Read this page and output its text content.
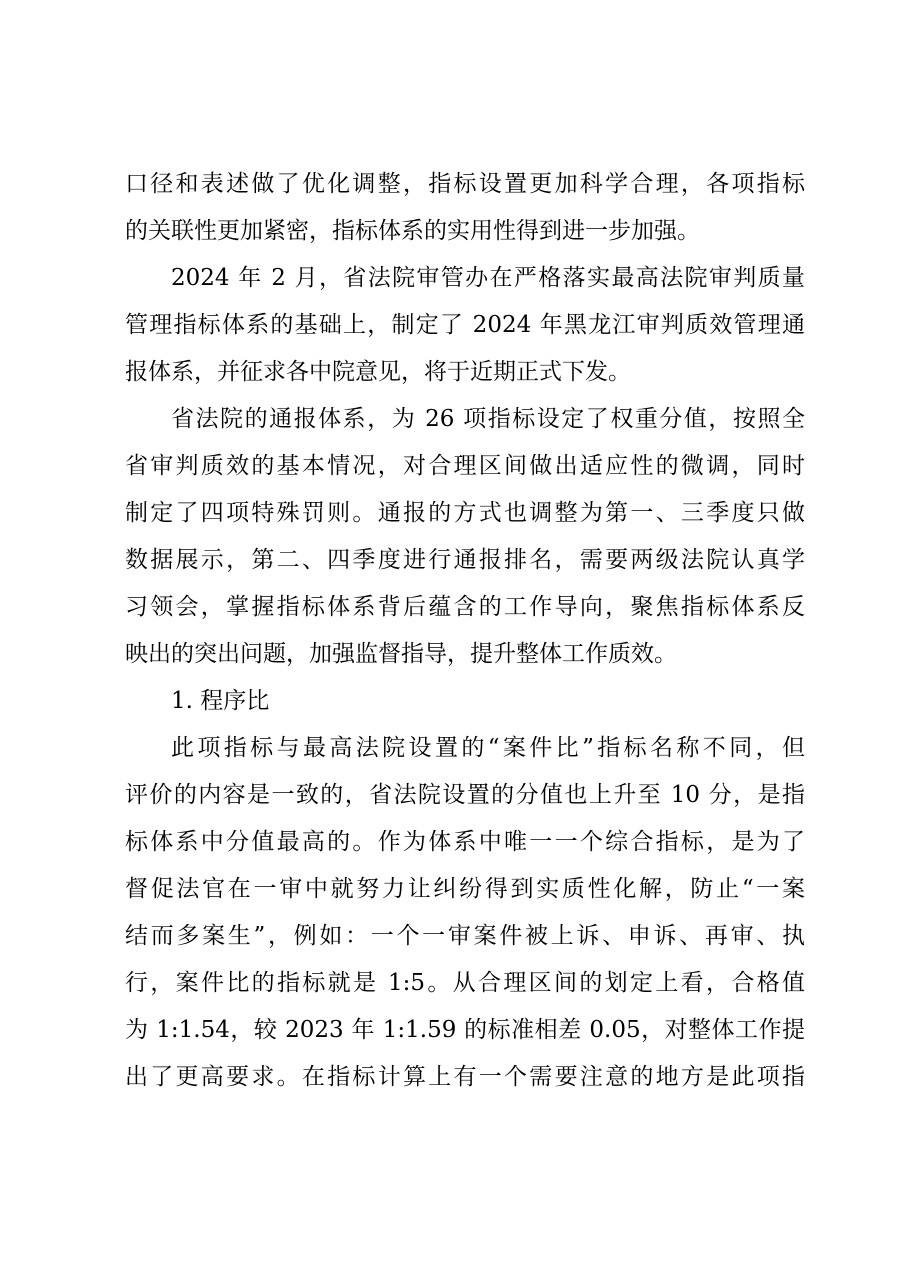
口径和表述做了优化调整，指标设置更加科学合理，各项指标
的关联性更加紧密，指标体系的实用性得到进一步加强。
2024 年 2 月，省法院审管办在严格落实最高法院审判质量
管理指标体系的基础上，制定了 2024 年黑龙江审判质效管理通
报体系，并征求各中院意见，将于近期正式下发。
省法院的通报体系，为 26 项指标设定了权重分值，按照全
省审判质效的基本情况，对合理区间做出适应性的微调，同时
制定了四项特殊罚则。通报的方式也调整为第一、三季度只做
数据展示，第二、四季度进行通报排名，需要两级法院认真学
习领会，掌握指标体系背后蕴含的工作导向，聚焦指标体系反
映出的突出问题，加强监督指导，提升整体工作质效。
1. 程序比
此项指标与最高法院设置的“案件比”指标名称不同，但
评价的内容是一致的，省法院设置的分值也上升至 10 分，是指
标体系中分值最高的。作为体系中唯一一个综合指标，是为了
督促法官在一审中就努力让纠纷得到实质性化解，防止“一案
结而多案生”，例如：一个一审案件被上诉、申诉、再审、执
行，案件比的指标就是 1:5。从合理区间的划定上看，合格值
为 1:1.54，较 2023 年 1:1.59 的标准相差 0.05，对整体工作提
出了更高要求。在指标计算上有一个需要注意的地方是此项指
